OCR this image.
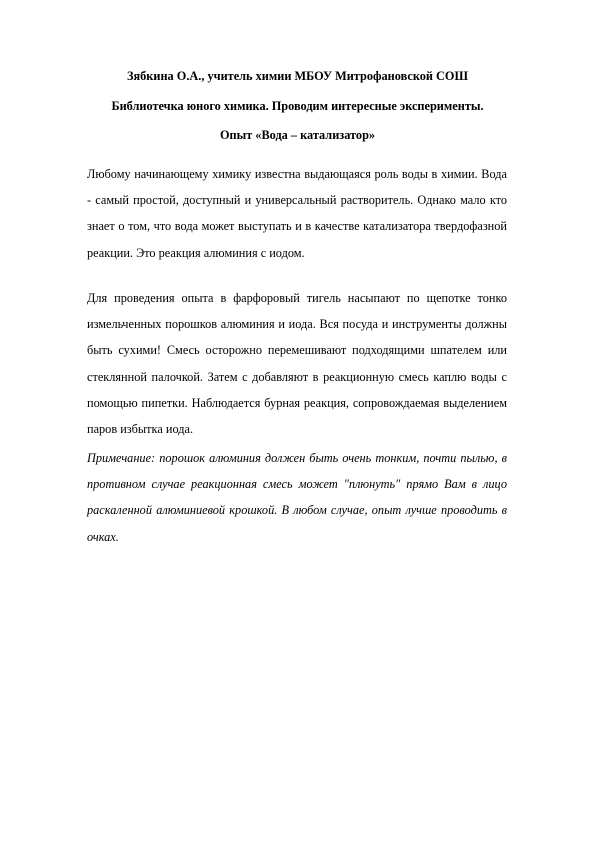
Зябкина О.А., учитель химии МБОУ Митрофановской СОШ
Библиотечка юного химика. Проводим интересные эксперименты.
Опыт «Вода – катализатор»

Любому начинающему химику известна выдающаяся роль воды в химии. Вода - самый простой, доступный и универсальный растворитель. Однако мало кто знает о том, что вода может выступать и в качестве катализатора твердофазной реакции. Это реакция алюминия с иодом.

Для проведения опыта в фарфоровый тигель насыпают по щепотке тонко измельченных порошков алюминия и иода. Вся посуда и инструменты должны быть сухими! Смесь осторожно перемешивают подходящими шпателем или стеклянной палочкой. Затем с добавляют в реакционную смесь каплю воды с помощью пипетки. Наблюдается бурная реакция, сопровождаемая выделением паров избытка иода.

Примечание: порошок алюминия должен быть очень тонким, почти пылью, в противном случае реакционная смесь может "плюнуть" прямо Вам в лицо раскаленной алюминиевой крошкой. В любом случае, опыт лучше проводить в очках.
